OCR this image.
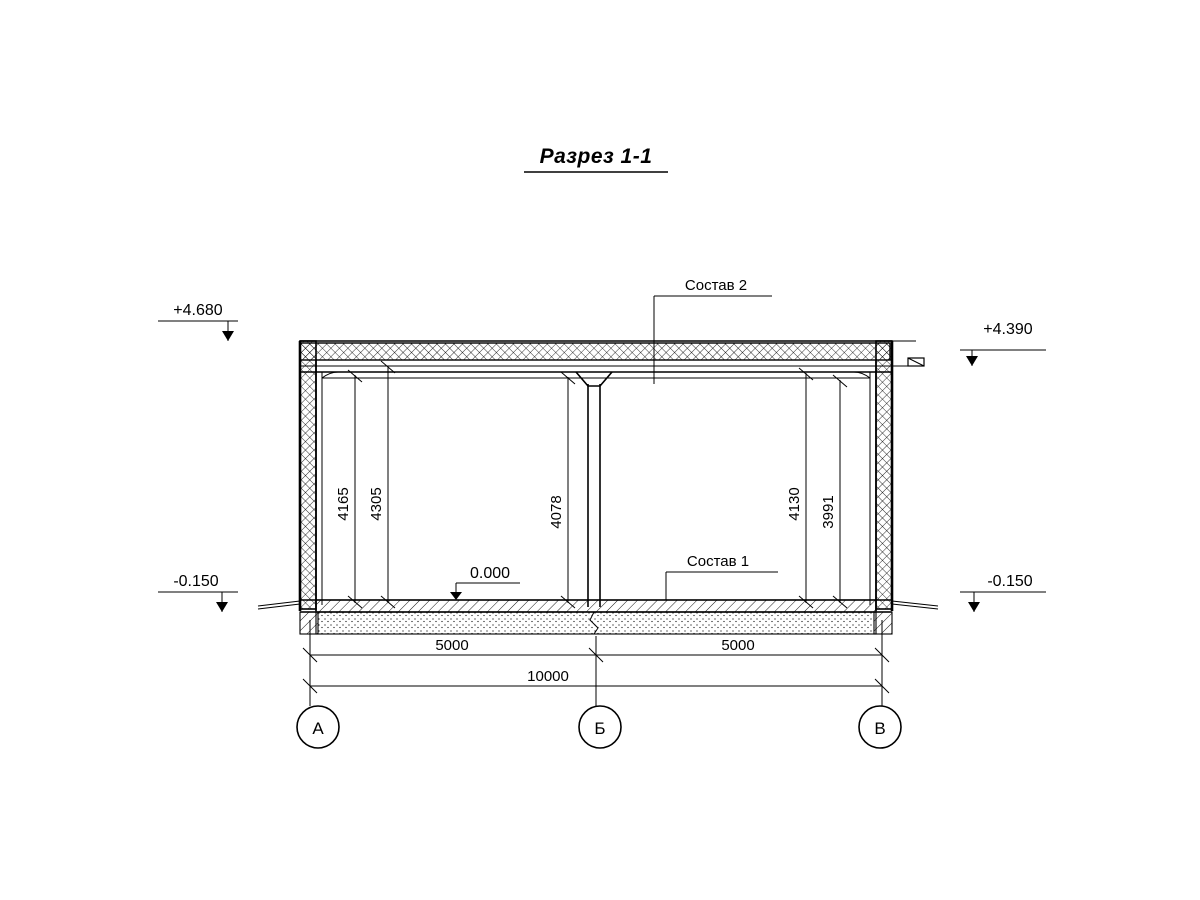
Разрез 1-1
+4.680
+4.390
-0.150	-0.150
0.000
Состав 2
Состав 1
4165 4305	4078	4130 3991
5000	5000
10000
А	Б	В
